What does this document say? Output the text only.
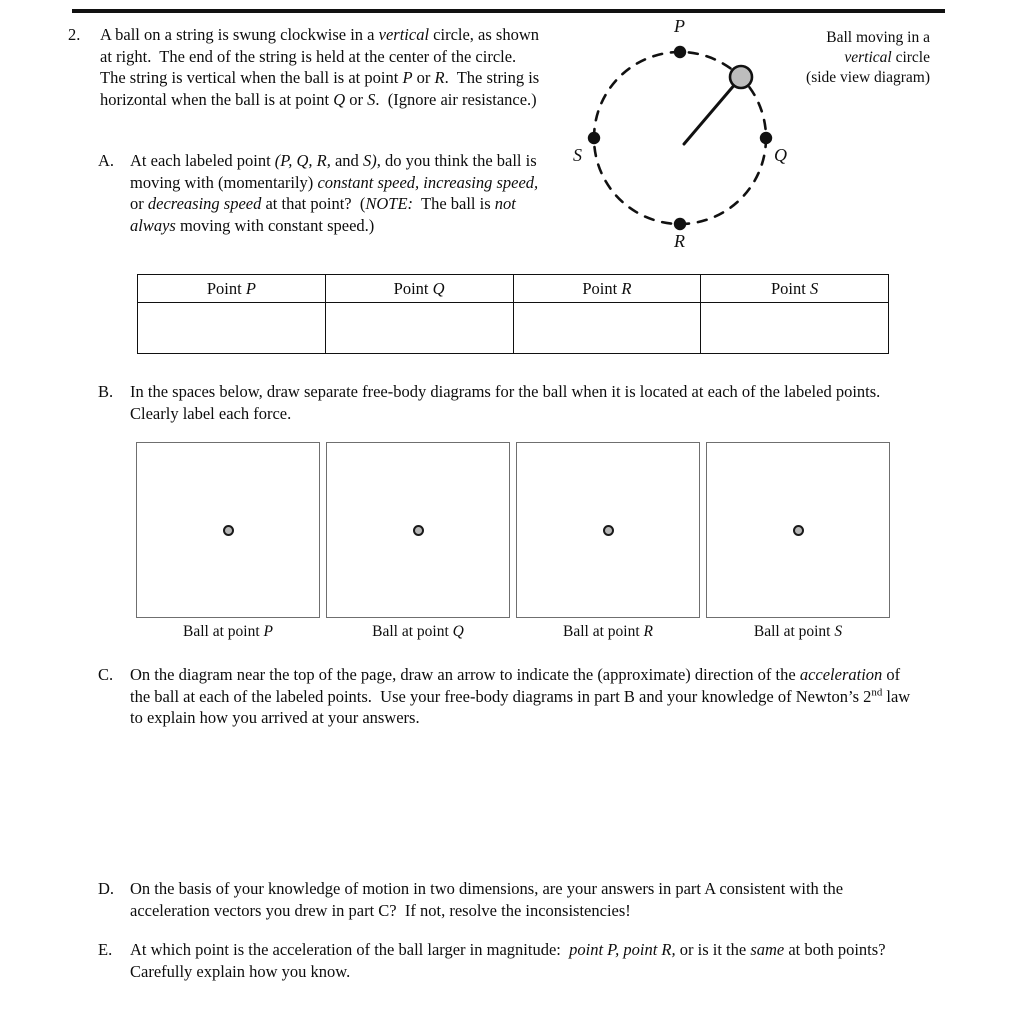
2.	A ball on a string is swung clockwise in a vertical circle, as shown at right.  The end of the string is held at the center of the circle.  The string is vertical when the ball is at point P or R.  The string is horizontal when the ball is at point Q or S.  (Ignore air resistance.)
P
Q
R
S
Ball moving in a
vertical circle
(side view diagram)
A. At each labeled point (P, Q, R, and S), do you think the ball is moving with (momentarily) constant speed, increasing speed, or decreasing speed at that point?  (NOTE:  The ball is not always moving with constant speed.)
Point P	Point Q	Point R	Point S

B.	In the spaces below, draw separate free-body diagrams for the ball when it is located at each of the labeled points.  Clearly label each force.
Ball at point P	Ball at point Q	Ball at point R	Ball at point S
C.	On the diagram near the top of the page, draw an arrow to indicate the (approximate) direction of the acceleration of the ball at each of the labeled points.  Use your free-body diagrams in part B and your knowledge of Newton’s 2nd law to explain how you arrived at your answers.
D. On the basis of your knowledge of motion in two dimensions, are your answers in part A consistent with the acceleration vectors you drew in part C?  If not, resolve the inconsistencies!
E.	At which point is the acceleration of the ball larger in magnitude:  point P, point R, or is it the same at both points?  Carefully explain how you know.
